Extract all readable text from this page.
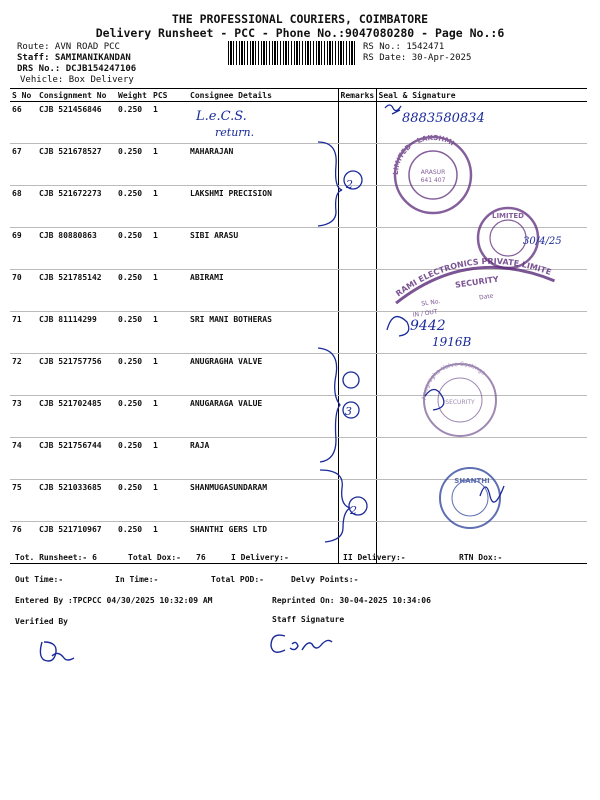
THE PROFESSIONAL COURIERS, COIMBATORE
Delivery Runsheet - PCC - Phone No.:9047080280 - Page No.:6
Route: AVN ROAD PCC
Staff: SAMIMANIKANDAN
DRS No.: DCJB154247106
Vehicle: Box Delivery
RS No.: 1542471
RS Date: 30-Apr-2025
S No	Consignment No	Weight	PCS	Consignee Details	Remarks	Seal & Signature
66	CJB 521456846	0.250	1			
67	CJB 521678527	0.250	1	MAHARAJAN		
68	CJB 521672273	0.250	1	LAKSHMI PRECISION		
69	CJB 80880863	0.250	1	SIBI ARASU		
70	CJB 521785142	0.250	1	ABIRAMI		
71	CJB 81114299	0.250	1	SRI MANI BOTHERAS		
72	CJB 521757756	0.250	1	ANUGRAGHA VALVE		
73	CJB 521702485	0.250	1	ANUGARAGA VALUE		
74	CJB 521756744	0.250	1	RAJA		
75	CJB 521033685	0.250	1	SHANMUGASUNDARAM		
76	CJB 521710967	0.250	1	SHANTHI GERS LTD		
LIMITED · LAKSHMI
ARASUR
641 407
LIMITED
RAMI ELECTRONICS PRIVATE LIMITED
SECURITY
SL No.
IN / OUT
Date
Anugragha Valve Castings
SECURITY
SHANTHI
L.e.C.S.
return.
8883580834
2
3
2
9442
1916B
30/4/25
Tot. Runsheet:- 6	Total Dox:- 76	I Delivery:-	II Delivery:-	RTN Dox:-
Out Time:-	In Time:-	Total POD:-	Delvy Points:-
Entered By :TPCPCC 04/30/2025 10:32:09 AM	Reprinted On: 30-04-2025 10:34:06
Verified By	Staff Signature
